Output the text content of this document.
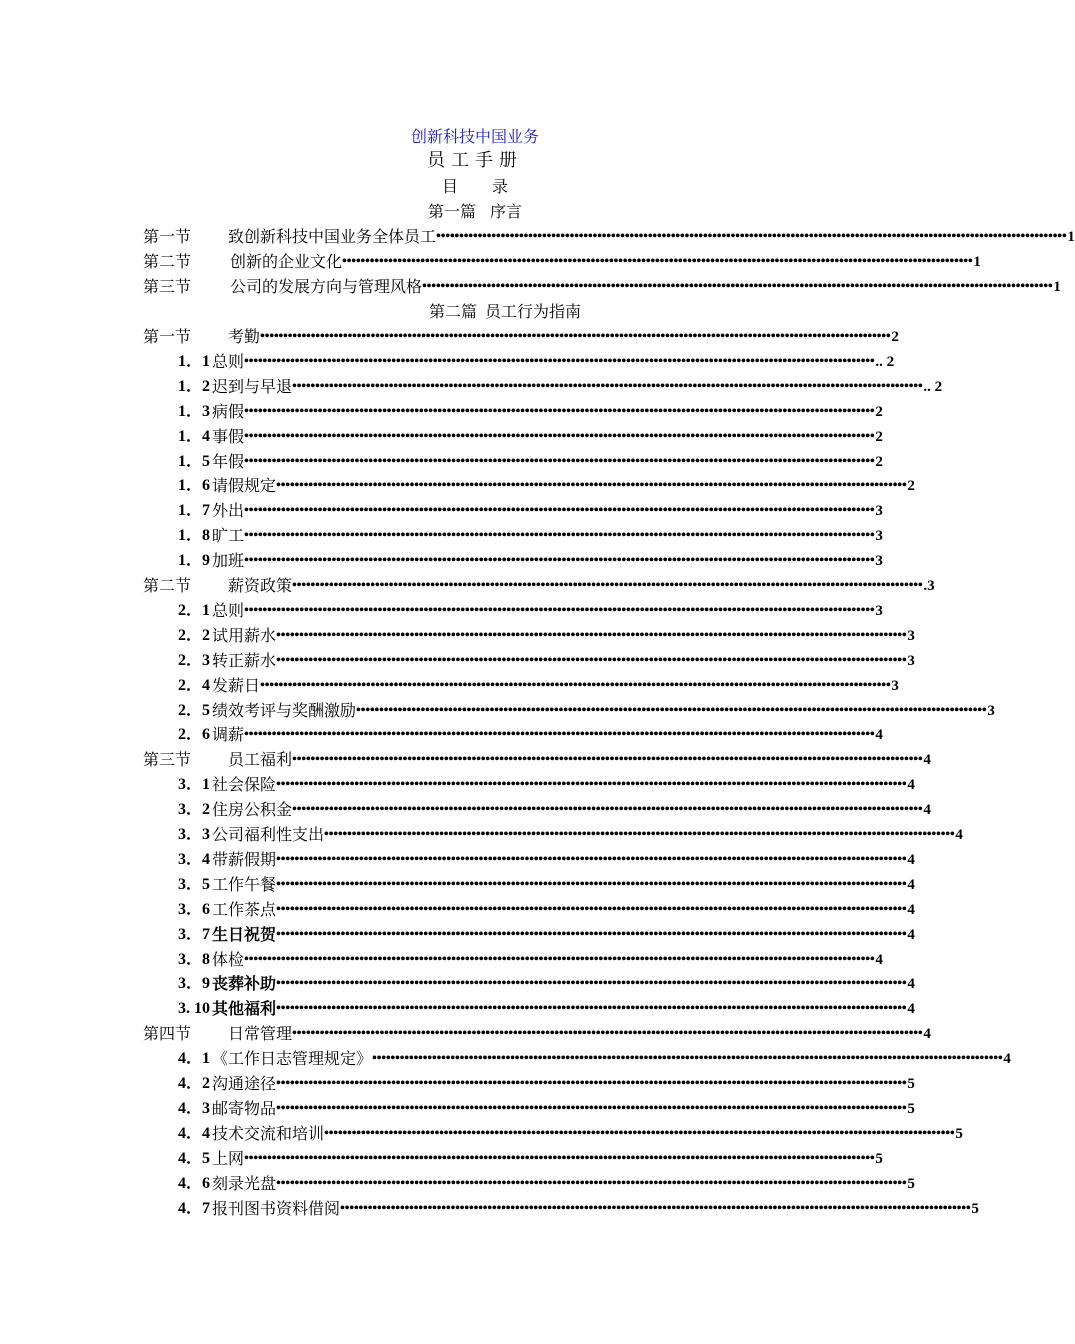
创新科技中国业务
员工手册
目 录
第一篇 序言
第一节 致创新科技中国业务全体员工 ••••••••••••••••••••••••••••••••••••••••••••••••••••••••••••••••••••••••••••••••••••••••••••••••••••••••••••••••••••••••••••••••••••••••• 1
第二节 创新的企业文化 ••••••••••••••••••••••••••••••••••••••••••••••••••••••••••••••••••••••••••••••••••••••••••••••••••••••••••••••••••••••••••••••••••••••••• 1
第三节 公司的发展方向与管理风格 ••••••••••••••••••••••••••••••••••••••••••••••••••••••••••••••••••••••••••••••••••••••••••••••••••••••••••••••••••••••••••••••••••••••••• 1
第二篇 员工行为指南
第一节 考勤 ••••••••••••••••••••••••••••••••••••••••••••••••••••••••••••••••••••••••••••••••••••••••••••••••••••••••••••••••••••••••••••••••••••••••• 2
1．1 总则 ••••••••••••••••••••••••••••••••••••••••••••••••••••••••••••••••••••••••••••••••••••••••••••••••••••••••••••••••••••••••••••••••••••••••• .. 2
1．2 迟到与早退 ••••••••••••••••••••••••••••••••••••••••••••••••••••••••••••••••••••••••••••••••••••••••••••••••••••••••••••••••••••••••••••••••••••••••• .. 2
1．3 病假 ••••••••••••••••••••••••••••••••••••••••••••••••••••••••••••••••••••••••••••••••••••••••••••••••••••••••••••••••••••••••••••••••••••••••• 2
1．4 事假 ••••••••••••••••••••••••••••••••••••••••••••••••••••••••••••••••••••••••••••••••••••••••••••••••••••••••••••••••••••••••••••••••••••••••• 2
1．5 年假 ••••••••••••••••••••••••••••••••••••••••••••••••••••••••••••••••••••••••••••••••••••••••••••••••••••••••••••••••••••••••••••••••••••••••• 2
1．6 请假规定 ••••••••••••••••••••••••••••••••••••••••••••••••••••••••••••••••••••••••••••••••••••••••••••••••••••••••••••••••••••••••••••••••••••••••• 2
1．7 外出 ••••••••••••••••••••••••••••••••••••••••••••••••••••••••••••••••••••••••••••••••••••••••••••••••••••••••••••••••••••••••••••••••••••••••• 3
1．8 旷工 ••••••••••••••••••••••••••••••••••••••••••••••••••••••••••••••••••••••••••••••••••••••••••••••••••••••••••••••••••••••••••••••••••••••••• 3
1．9 加班 ••••••••••••••••••••••••••••••••••••••••••••••••••••••••••••••••••••••••••••••••••••••••••••••••••••••••••••••••••••••••••••••••••••••••• 3
第二节 薪资政策 ••••••••••••••••••••••••••••••••••••••••••••••••••••••••••••••••••••••••••••••••••••••••••••••••••••••••••••••••••••••••••••••••••••••••• .3
2．1 总则 ••••••••••••••••••••••••••••••••••••••••••••••••••••••••••••••••••••••••••••••••••••••••••••••••••••••••••••••••••••••••••••••••••••••••• 3
2．2 试用薪水 ••••••••••••••••••••••••••••••••••••••••••••••••••••••••••••••••••••••••••••••••••••••••••••••••••••••••••••••••••••••••••••••••••••••••• 3
2．3 转正薪水 ••••••••••••••••••••••••••••••••••••••••••••••••••••••••••••••••••••••••••••••••••••••••••••••••••••••••••••••••••••••••••••••••••••••••• 3
2．4 发薪日 ••••••••••••••••••••••••••••••••••••••••••••••••••••••••••••••••••••••••••••••••••••••••••••••••••••••••••••••••••••••••••••••••••••••••• 3
2．5 绩效考评与奖酬激励 ••••••••••••••••••••••••••••••••••••••••••••••••••••••••••••••••••••••••••••••••••••••••••••••••••••••••••••••••••••••••••••••••••••••••• 3
2．6 调薪 ••••••••••••••••••••••••••••••••••••••••••••••••••••••••••••••••••••••••••••••••••••••••••••••••••••••••••••••••••••••••••••••••••••••••• 4
第三节 员工福利 ••••••••••••••••••••••••••••••••••••••••••••••••••••••••••••••••••••••••••••••••••••••••••••••••••••••••••••••••••••••••••••••••••••••••• 4
3．1 社会保险 ••••••••••••••••••••••••••••••••••••••••••••••••••••••••••••••••••••••••••••••••••••••••••••••••••••••••••••••••••••••••••••••••••••••••• 4
3．2 住房公积金 ••••••••••••••••••••••••••••••••••••••••••••••••••••••••••••••••••••••••••••••••••••••••••••••••••••••••••••••••••••••••••••••••••••••••• 4
3．3 公司福利性支出 ••••••••••••••••••••••••••••••••••••••••••••••••••••••••••••••••••••••••••••••••••••••••••••••••••••••••••••••••••••••••••••••••••••••••• 4
3．4 带薪假期 ••••••••••••••••••••••••••••••••••••••••••••••••••••••••••••••••••••••••••••••••••••••••••••••••••••••••••••••••••••••••••••••••••••••••• 4
3．5 工作午餐 ••••••••••••••••••••••••••••••••••••••••••••••••••••••••••••••••••••••••••••••••••••••••••••••••••••••••••••••••••••••••••••••••••••••••• 4
3．6 工作茶点 ••••••••••••••••••••••••••••••••••••••••••••••••••••••••••••••••••••••••••••••••••••••••••••••••••••••••••••••••••••••••••••••••••••••••• 4
3．7 生日祝贺 ••••••••••••••••••••••••••••••••••••••••••••••••••••••••••••••••••••••••••••••••••••••••••••••••••••••••••••••••••••••••••••••••••••••••• 4
3．8 体检 ••••••••••••••••••••••••••••••••••••••••••••••••••••••••••••••••••••••••••••••••••••••••••••••••••••••••••••••••••••••••••••••••••••••••• 4
3．9 丧葬补助 ••••••••••••••••••••••••••••••••••••••••••••••••••••••••••••••••••••••••••••••••••••••••••••••••••••••••••••••••••••••••••••••••••••••••• 4
3. 10 其他福利 ••••••••••••••••••••••••••••••••••••••••••••••••••••••••••••••••••••••••••••••••••••••••••••••••••••••••••••••••••••••••••••••••••••••••• 4
第四节 日常管理 ••••••••••••••••••••••••••••••••••••••••••••••••••••••••••••••••••••••••••••••••••••••••••••••••••••••••••••••••••••••••••••••••••••••••• 4
4．1 《工作日志管理规定》 ••••••••••••••••••••••••••••••••••••••••••••••••••••••••••••••••••••••••••••••••••••••••••••••••••••••••••••••••••••••••••••••••••••••••• 4
4．2 沟通途径 ••••••••••••••••••••••••••••••••••••••••••••••••••••••••••••••••••••••••••••••••••••••••••••••••••••••••••••••••••••••••••••••••••••••••• 5
4．3 邮寄物品 ••••••••••••••••••••••••••••••••••••••••••••••••••••••••••••••••••••••••••••••••••••••••••••••••••••••••••••••••••••••••••••••••••••••••• 5
4．4 技术交流和培训 ••••••••••••••••••••••••••••••••••••••••••••••••••••••••••••••••••••••••••••••••••••••••••••••••••••••••••••••••••••••••••••••••••••••••• 5
4．5 上网 ••••••••••••••••••••••••••••••••••••••••••••••••••••••••••••••••••••••••••••••••••••••••••••••••••••••••••••••••••••••••••••••••••••••••• 5
4．6 刻录光盘 ••••••••••••••••••••••••••••••••••••••••••••••••••••••••••••••••••••••••••••••••••••••••••••••••••••••••••••••••••••••••••••••••••••••••• 5
4．7 报刊图书资料借阅 ••••••••••••••••••••••••••••••••••••••••••••••••••••••••••••••••••••••••••••••••••••••••••••••••••••••••••••••••••••••••••••••••••••••••• 5
